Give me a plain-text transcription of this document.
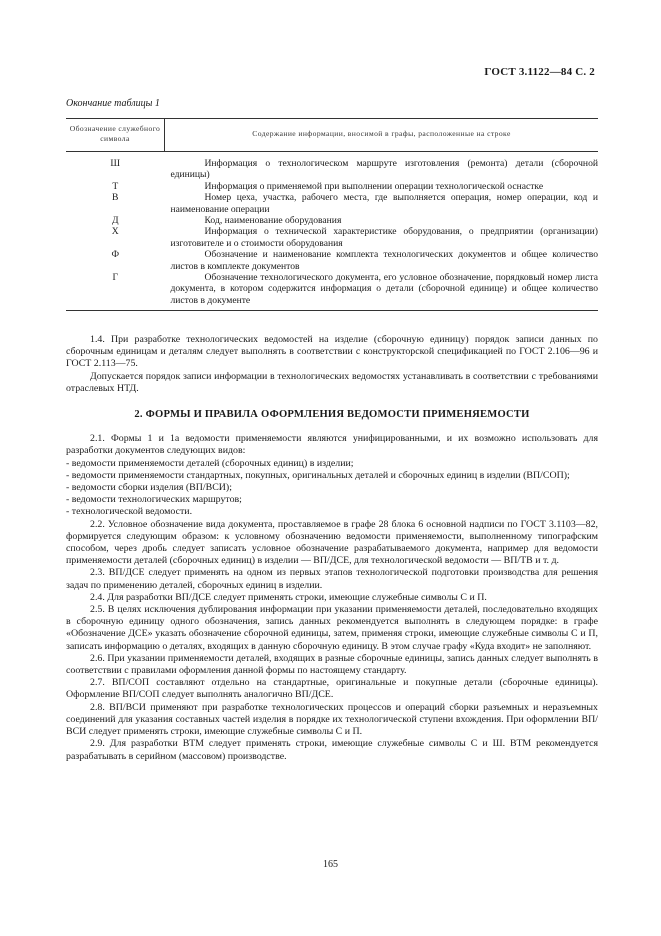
ГОСТ 3.1122—84 С. 2
Окончание таблицы 1
Обозначение служебного символа	Содержание информации, вносимой в графы, расположенные на строке
Ш	Информация о технологическом маршруте изготовления (ремонта) детали (сборочной единицы)
Т	Информация о применяемой при выполнении операции технологической оснастке
В	Номер цеха, участка, рабочего места, где выполняется операция, номер операции, код и наименование операции
Д	Код, наименование оборудования
Х	Информация о технической характеристике оборудования, о предприятии (организации) изготовителе и о стоимости оборудования
Ф	Обозначение и наименование комплекта технологических документов и общее количество листов в комплекте документов
Г	Обозначение технологического документа, его условное обозначение, порядковый номер листа документа, в котором содержится информация о детали (сборочной единице) и общее количество листов в документе

1.4. При разработке технологических ведомостей на изделие (сборочную единицу) порядок записи данных по сборочным единицам и деталям следует выполнять в соответствии с конструкторской спецификацией по ГОСТ 2.106—96 и ГОСТ 2.113—75.

Допускается порядок записи информации в технологических ведомостях устанавливать в соответствии с требованиями отраслевых НТД.

2. ФОРМЫ И ПРАВИЛА ОФОРМЛЕНИЯ ВЕДОМОСТИ ПРИМЕНЯЕМОСТИ

2.1. Формы 1 и 1а ведомости применяемости являются унифицированными, и их возможно использовать для разработки документов следующих видов:

- ведомости применяемости деталей (сборочных единиц) в изделии;

- ведомости применяемости стандартных, покупных, оригинальных деталей и сборочных единиц в изделии (ВП/СОП);

- ведомости сборки изделия (ВП/ВСИ);

- ведомости технологических маршрутов;

- технологической ведомости.

2.2. Условное обозначение вида документа, проставляемое в графе 28 блока 6 основной надписи по ГОСТ 3.1103—82, формируется следующим образом: к условному обозначению ведомости применяемости, выполненному типографским способом, через дробь следует записать условное обозначение разрабатываемого документа, например для ведомости применяемости деталей (сборочных единиц) в изделии — ВП/ДСЕ, для технологической ведомости — ВП/ТВ и т. д.

2.3. ВП/ДСЕ следует применять на одном из первых этапов технологической подготовки производства для решения задач по применению деталей, сборочных единиц в изделии.

2.4. Для разработки ВП/ДСЕ следует применять строки, имеющие служебные символы С и П.

2.5. В целях исключения дублирования информации при указании применяемости деталей, последовательно входящих в сборочную единицу одного обозначения, запись данных рекомендуется выполнять в следующем порядке: в графе «Обозначение ДСЕ» указать обозначение сборочной единицы, затем, применяя строки, имеющие служебные символы С и П, записать информацию о деталях, входящих в данную сборочную единицу. В этом случае графу «Куда входит» не заполняют.

2.6. При указании применяемости деталей, входящих в разные сборочные единицы, запись данных следует выполнять в соответствии с правилами оформления данной формы по настоящему стандарту.

2.7. ВП/СОП составляют отдельно на стандартные, оригинальные и покупные детали (сборочные единицы). Оформление ВП/СОП следует выполнять аналогично ВП/ДСЕ.

2.8. ВП/ВСИ применяют при разработке технологических процессов и операций сборки разъемных и неразъемных соединений для указания составных частей изделия в порядке их технологической ступени вхождения. При оформлении ВП/ВСИ следует применять строки, имеющие служебные символы С и П.

2.9. Для разработки ВТМ следует применять строки, имеющие служебные символы С и Ш. ВТМ рекомендуется разрабатывать в серийном (массовом) производстве.

165
